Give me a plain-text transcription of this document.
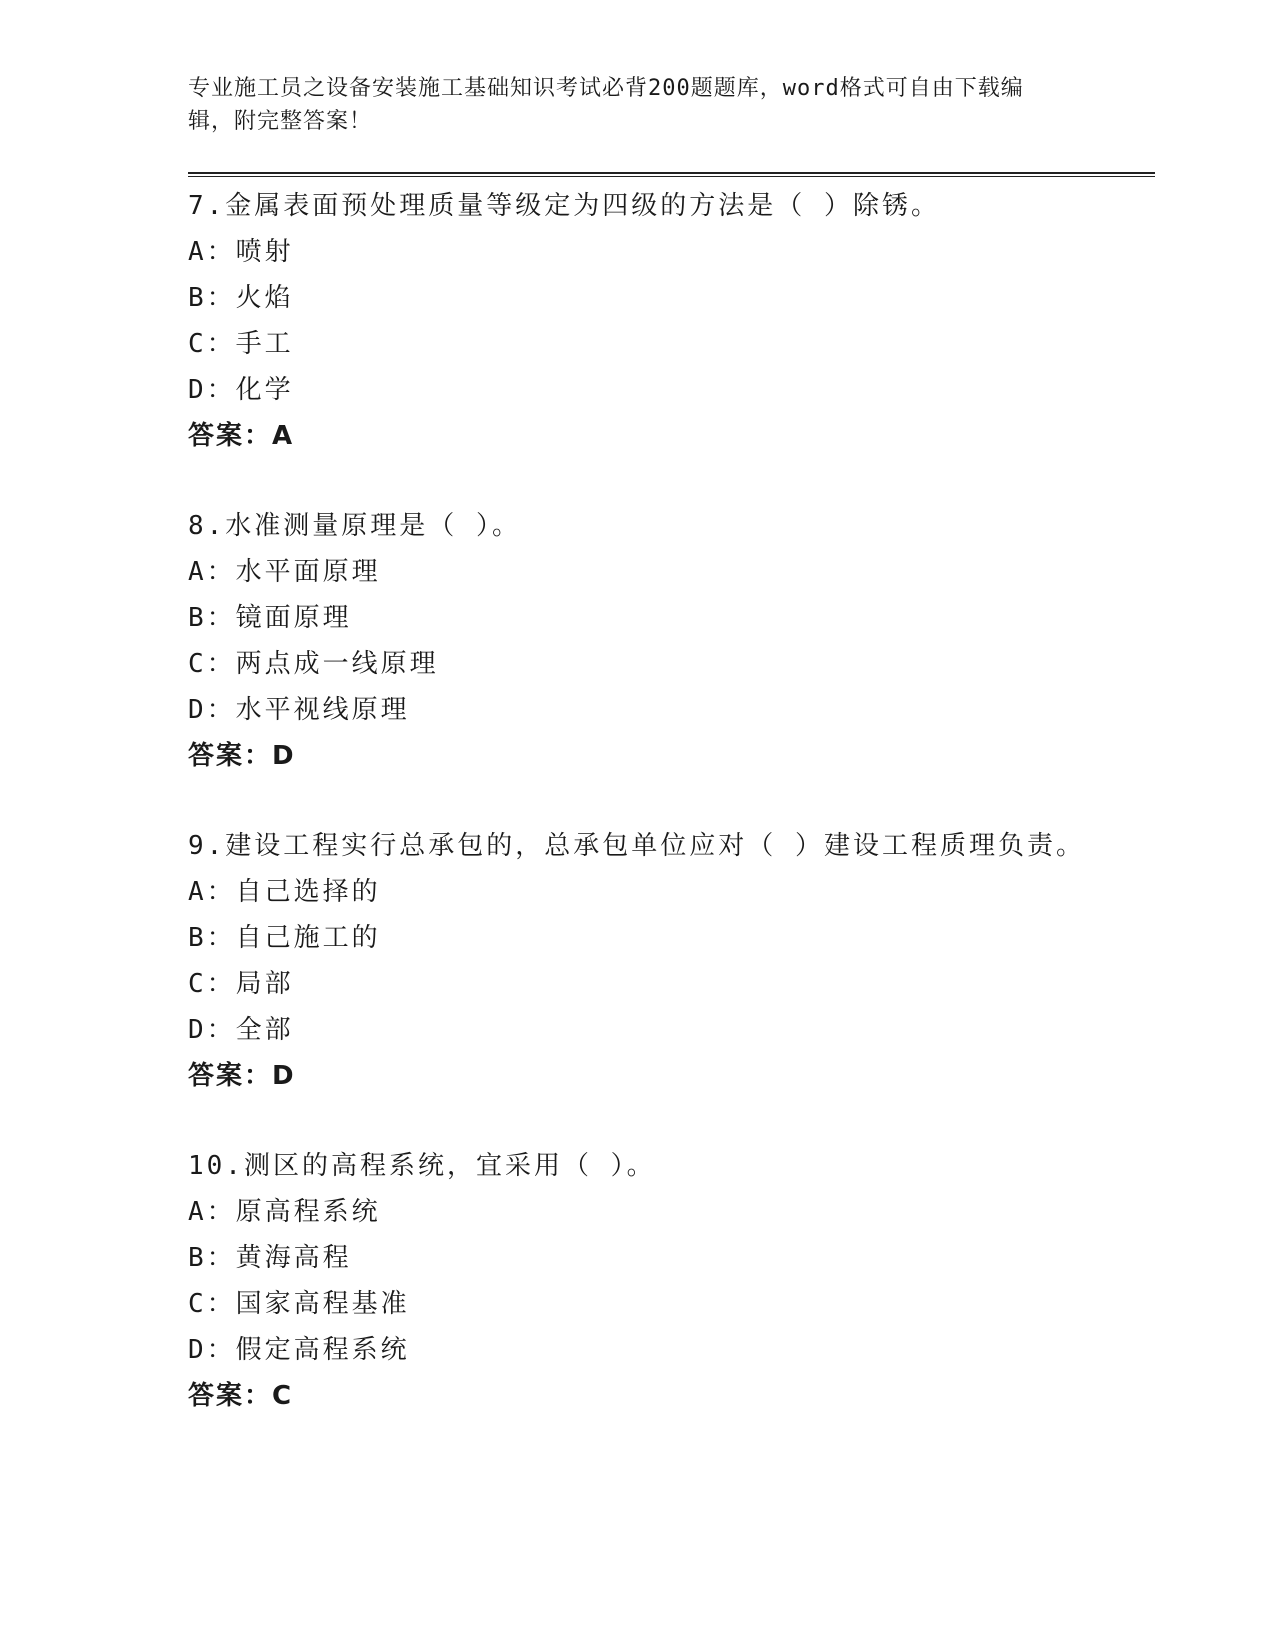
专业施工员之设备安装施工基础知识考试必背200题题库，word格式可自由下载编辑，附完整答案！

7.金属表面预处理质量等级定为四级的方法是（ ）除锈。

A：喷射

B：火焰

C：手工

D：化学

答案：A

8.水准测量原理是（ ）。

A：水平面原理

B：镜面原理

C：两点成一线原理

D：水平视线原理

答案：D

9.建设工程实行总承包的，总承包单位应对（ ）建设工程质理负责。

A：自己选择的

B：自己施工的

C：局部

D：全部

答案：D

10.测区的高程系统，宜采用（ ）。

A：原高程系统

B：黄海高程

C：国家高程基准

D：假定高程系统

答案：C
